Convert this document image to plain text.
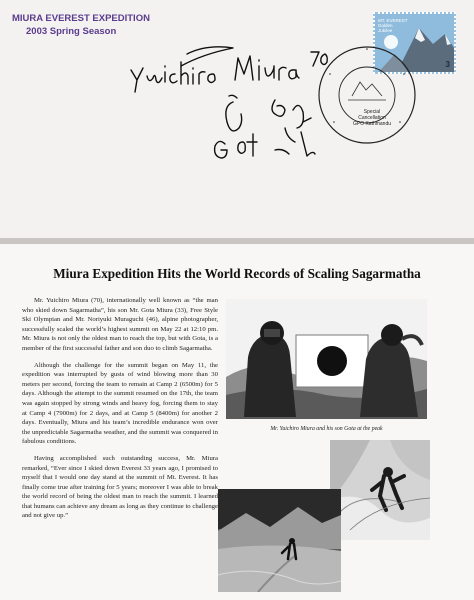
MIURA EVEREST EXPEDITION
2003 Spring Season
MT. EVEREST
Golden Jubilee
3
Special Cancellation
GPO Kathmandu
Miura Expedition Hits the World Records of Scaling Sagarmatha

Mr. Yuichiro Miura (70), internationally well known as “the man who skied down Sagarmatha”, his son Mr. Gota Miura (33), Free Style Ski Olympian and Mr. Noriyuki Muraguchi (46), alpine photographer, successfully scaled the world’s highest summit on May 22 at 12:10 pm. Mr. Miura is not only the oldest man to reach the top, but with Gota, is a member of the first successful father and son duo to climb Sagarmatha.

Although the challenge for the summit began on May 11, the expedition was interrupted by gusts of wind blowing more than 30 meters per second, forcing the team to remain at Camp 2 (6500m) for 5 days. Although the attempt to the summit resumed on the 17th, the team was again stopped by strong winds and heavy fog, forcing them to stay at Camp 4 (7900m) for 2 days, and at Camp 5 (8400m) for another 2 days. Eventually, Miura and his team’s incredible endurance won over the unpredictable Sagarmatha weather, and the summit was conquered in fabulous conditions.

Having accomplished such outstanding success, Mr. Miura remarked, “Ever since I skied down Everest 33 years ago, I promised to myself that I would one day stand at the summit of Mt. Everest. It has finally come true after training for 5 years; moreover I was able to break the world record of being the oldest man to reach the summit. I learned that humans can achieve any dream as long as they continue to challenge and not give up.”

Mr. Yuichiro Miura and his son Gota at the peak
